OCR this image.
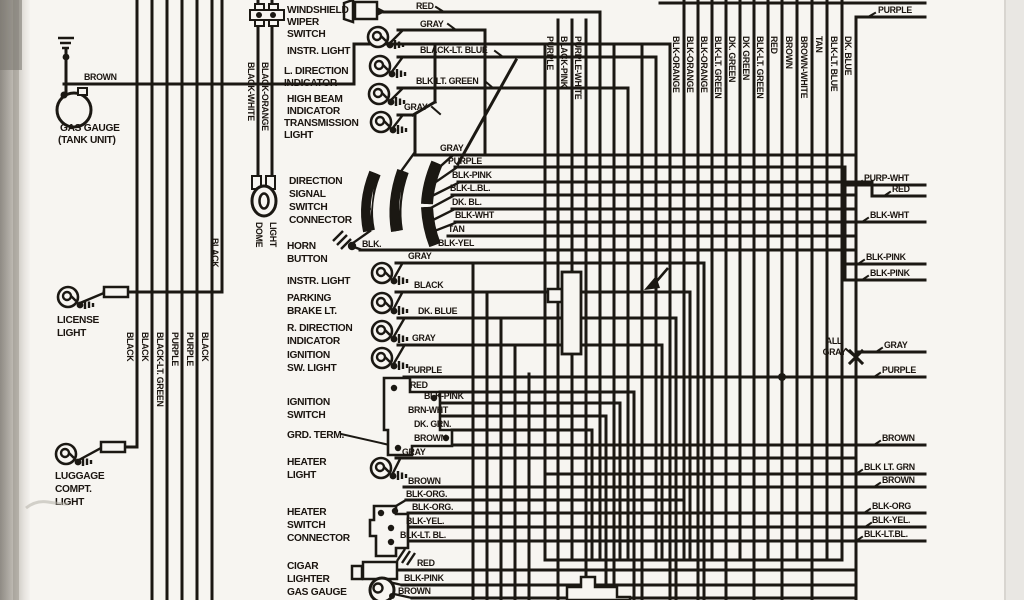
BROWN
GAS GAUGE
(TANK UNIT)
LICENSE
LIGHT
LUGGAGE
COMPT.
LIGHT
BLACK BLACK BLACK-LT. GREEN PURPLE PURPLE BLACK
BLACK
BLACK-WHITE BLACK-ORANGE
WINDSHIELD
WIPER
SWITCH
INSTR. LIGHT
L. DIRECTION
INDICATOR
HIGH BEAM
INDICATOR
TRANSMISSION
LIGHT
DIRECTION
SIGNAL
SWITCH
CONNECTOR
DOME LIGHT HORN
BUTTON
INSTR. LIGHT
PARKING
BRAKE LT.
R. DIRECTION
INDICATOR
IGNITION
SW. LIGHT
IGNITION
SWITCH
GRD. TERM.
HEATER
LIGHT
HEATER
SWITCH
CONNECTOR
CIGAR
LIGHTER
GAS GAUGE
RED
GRAY
BLACK-LT. BLUE
BLK-LT. GREEN
GRAY
GRAY
PURPLE
BLK-PINK
BLK-L.BL.
DK. BL.
BLK-WHT
TAN
BLK-YEL
BLK.
GRAY
BLACK
DK. BLUE
GRAY
PURPLE
RED
BLK-PINK
BRN-WHT
DK. GRN.
BROWN
GRAY
BROWN
BLK-ORG.
BLK-ORG.
BLK-YEL.
BLK-LT. BL.
RED
BLK-PINK
BROWN
PURPLE BLACK-PINK PURPLE-WHITE	BLK-ORANGE BLK-ORANGE BLK-ORANGE BLK-LT. GREEN DK. GREEN DK GREEN BLK-LT. GREEN RED BROWN BROWN-WHITE TAN BLK-LT. BLUE DK. BLUE
PURPLE
PURP-WHT
RED
BLK-WHT
BLK-PINK
BLK-PINK
GRAY
PURPLE
BROWN
BLK LT. GRN
BROWN
BLK-ORG
BLK-YEL.
BLK-LT.BL.
ALL
GRAY
